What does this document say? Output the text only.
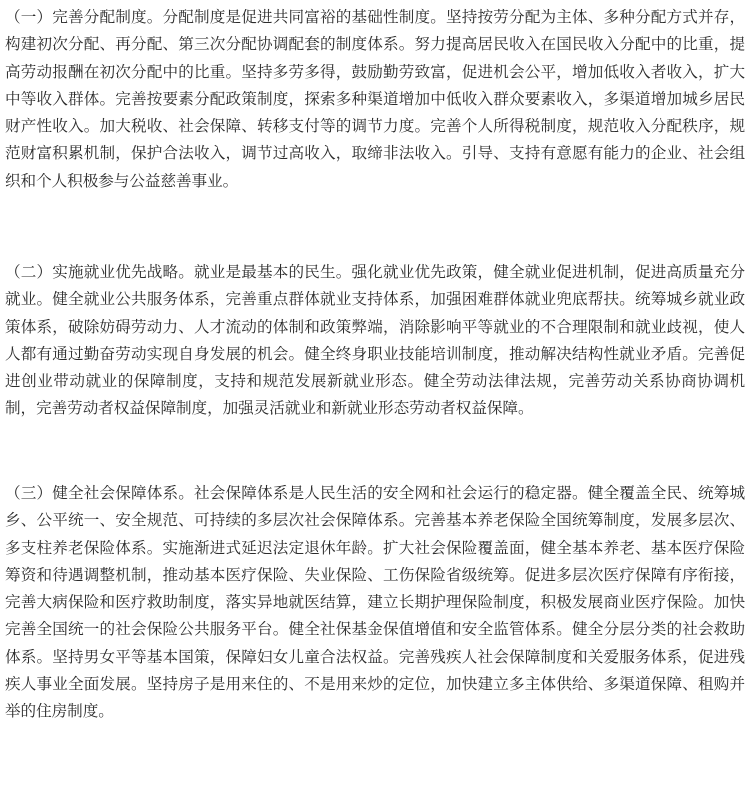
（一）完善分配制度。分配制度是促进共同富裕的基础性制度。坚持按劳分配为主体、多种分配方式并存，构建初次分配、再分配、第三次分配协调配套的制度体系。努力提高居民收入在国民收入分配中的比重，提高劳动报酬在初次分配中的比重。坚持多劳多得，鼓励勤劳致富，促进机会公平，增加低收入者收入，扩大中等收入群体。完善按要素分配政策制度，探索多种渠道增加中低收入群众要素收入，多渠道增加城乡居民财产性收入。加大税收、社会保障、转移支付等的调节力度。完善个人所得税制度，规范收入分配秩序，规范财富积累机制，保护合法收入，调节过高收入，取缔非法收入。引导、支持有意愿有能力的企业、社会组织和个人积极参与公益慈善事业。

（二）实施就业优先战略。就业是最基本的民生。强化就业优先政策，健全就业促进机制，促进高质量充分就业。健全就业公共服务体系，完善重点群体就业支持体系，加强困难群体就业兜底帮扶。统筹城乡就业政策体系，破除妨碍劳动力、人才流动的体制和政策弊端，消除影响平等就业的不合理限制和就业歧视，使人人都有通过勤奋劳动实现自身发展的机会。健全终身职业技能培训制度，推动解决结构性就业矛盾。完善促进创业带动就业的保障制度，支持和规范发展新就业形态。健全劳动法律法规，完善劳动关系协商协调机制，完善劳动者权益保障制度，加强灵活就业和新就业形态劳动者权益保障。

（三）健全社会保障体系。社会保障体系是人民生活的安全网和社会运行的稳定器。健全覆盖全民、统筹城乡、公平统一、安全规范、可持续的多层次社会保障体系。完善基本养老保险全国统筹制度，发展多层次、多支柱养老保险体系。实施渐进式延迟法定退休年龄。扩大社会保险覆盖面，健全基本养老、基本医疗保险筹资和待遇调整机制，推动基本医疗保险、失业保险、工伤保险省级统筹。促进多层次医疗保障有序衔接，完善大病保险和医疗救助制度，落实异地就医结算，建立长期护理保险制度，积极发展商业医疗保险。加快完善全国统一的社会保险公共服务平台。健全社保基金保值增值和安全监管体系。健全分层分类的社会救助体系。坚持男女平等基本国策，保障妇女儿童合法权益。完善残疾人社会保障制度和关爱服务体系，促进残疾人事业全面发展。坚持房子是用来住的、不是用来炒的定位，加快建立多主体供给、多渠道保障、租购并举的住房制度。
